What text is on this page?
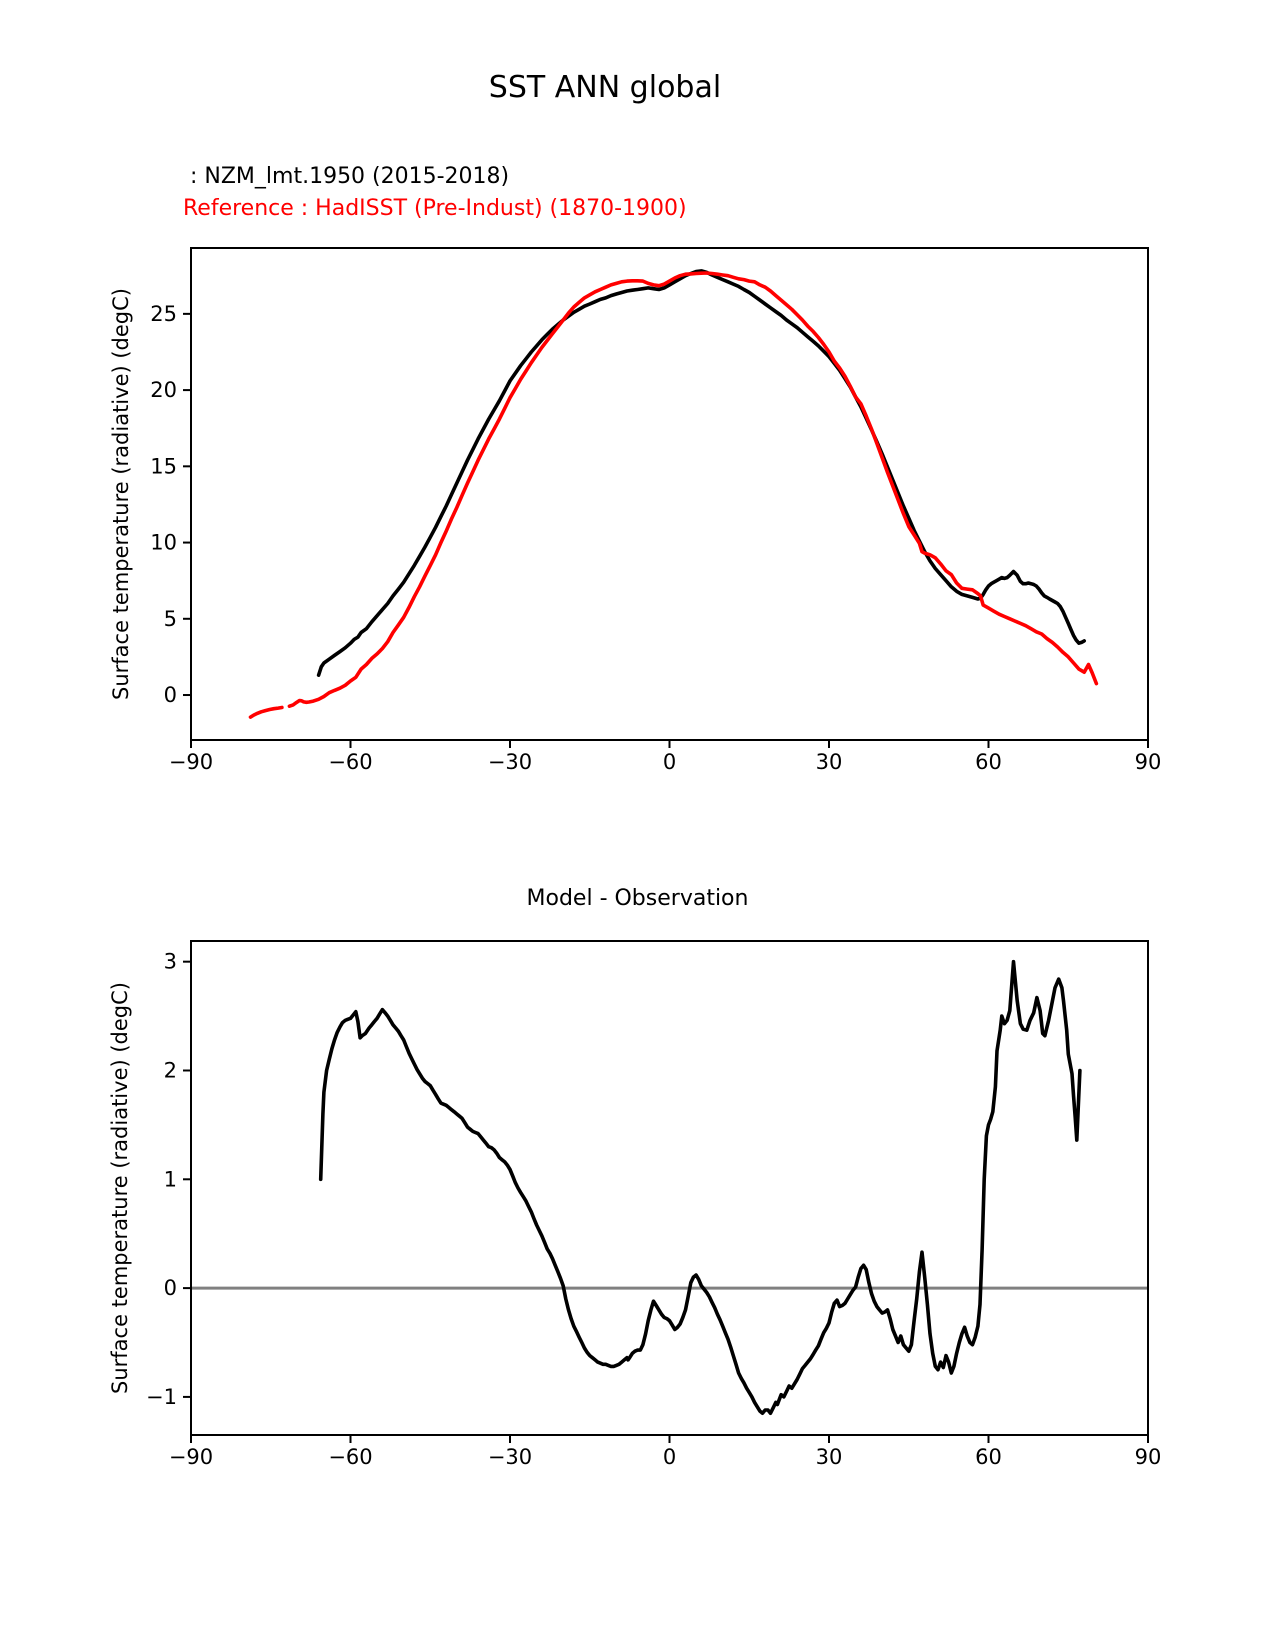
SST ANN global
: NZM_lmt.1950 (2015-2018)
Reference : HadISST (Pre-Indust) (1870-1900)
Surface temperature (radiative) (degC)
Model - Observation
Surface temperature (radiative) (degC)
−90	−60	−30	0	30	60	90
0
5
10
15
20
25
−90	−60	−30	0	30	60	90
−1
0
1
2
3
